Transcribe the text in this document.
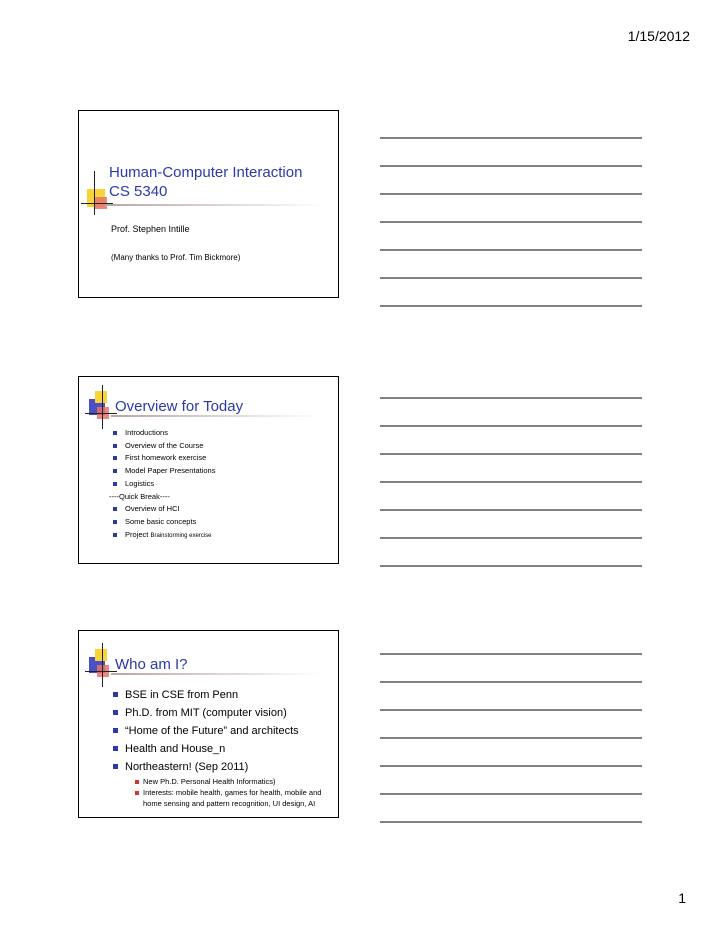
1/15/2012
Human-Computer Interaction
CS 5340
Prof. Stephen Intille
(Many thanks to Prof. Tim Bickmore)
Overview for Today
Introductions
Overview of the Course
First homework exercise
Model Paper Presentations
Logistics
----Quick Break----
Overview of HCI
Some basic concepts
Project Brainstorming exercise
Who am I?
BSE in CSE from Penn
Ph.D. from MIT (computer vision)
“Home of the Future” and architects
Health and House_n
Northeastern! (Sep 2011)
New Ph.D. Personal Health Informatics)
Interests: mobile health, games for health, mobile and home sensing and pattern recognition, UI design, AI
1
